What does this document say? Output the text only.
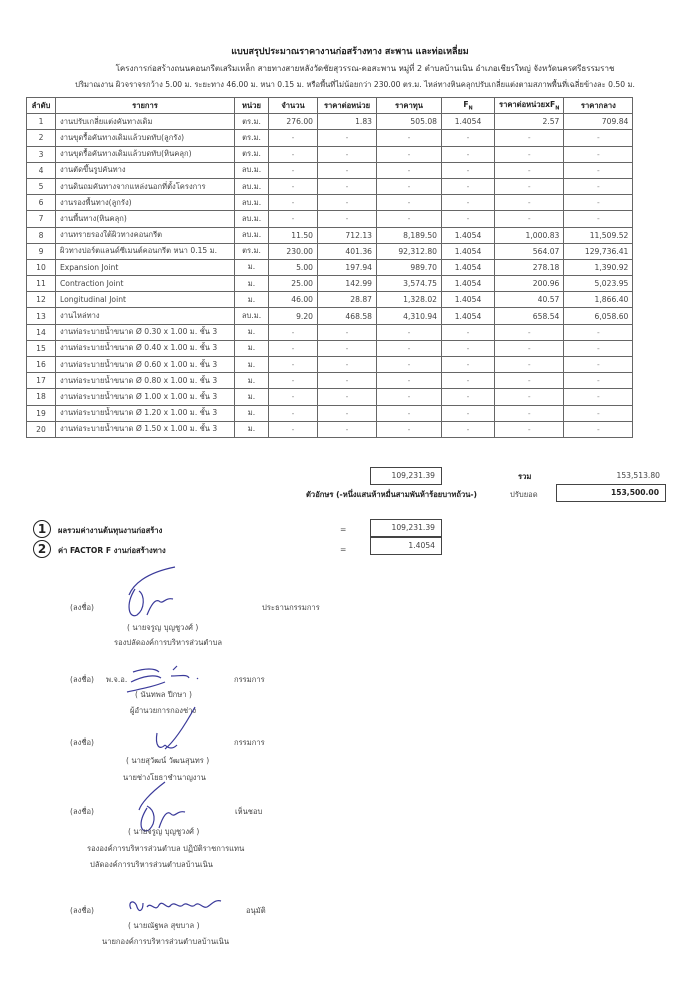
แบบสรุปประมาณราคางานก่อสร้างทาง สะพาน และท่อเหลี่ยม
โครงการก่อสร้างถนนคอนกรีตเสริมเหล็ก สายทางสายหลังวัดชัยสุวรรณ-คอสะพาน หมู่ที่ 2 ตำบลบ้านเนิน อำเภอเชียรใหญ่ จังหวัดนครศรีธรรมราช
ปริมาณงาน ผิวจราจรกว้าง 5.00 ม. ระยะทาง 46.00 ม. หนา 0.15 ม. หรือพื้นที่ไม่น้อยกว่า 230.00 ตร.ม. ไหล่ทางหินคลุกปรับเกลี่ยแต่งตามสภาพพื้นที่เฉลี่ยข้างละ 0.50 ม.
ลำดับ	รายการ	หน่วย	จำนวน	ราคาต่อหน่วย	ราคาทุน	$F_N$	ราคาต่อหน่วย$xF_N$	ราคากลาง
1	งานปรับเกลี่ยแต่งคันทางเดิม	ตร.ม.	276.00	1.83	505.08	1.4054	2.57	709.84
2	งานขุดรื้อคันทางเดิมแล้วบดทับ(ลูกรัง)	ตร.ม.	-	-	-	-	-	-
3	งานขุดรื้อคันทางเดิมแล้วบดทับ(หินคลุก)	ตร.ม.	-	-	-	-	-	-
4	งานตัดขึ้นรูปคันทาง	ลบ.ม.	-	-	-	-	-	-
5	งานดินถมคันทางจากแหล่งนอกที่ตั้งโครงการ	ลบ.ม.	-	-	-	-	-	-
6	งานรองพื้นทาง(ลูกรัง)	ลบ.ม.	-	-	-	-	-	-
7	งานพื้นทาง(หินคลุก)	ลบ.ม.	-	-	-	-	-	-
8	งานทรายรองใต้ผิวทางคอนกรีต	ลบ.ม.	11.50	712.13	8,189.50	1.4054	1,000.83	11,509.52
9	ผิวทางปอร์ตแลนด์ซีเมนต์คอนกรีต หนา 0.15 ม.	ตร.ม.	230.00	401.36	92,312.80	1.4054	564.07	129,736.41
10	Expansion Joint	ม.	5.00	197.94	989.70	1.4054	278.18	1,390.92
11	Contraction Joint	ม.	25.00	142.99	3,574.75	1.4054	200.96	5,023.95
12	Longitudinal Joint	ม.	46.00	28.87	1,328.02	1.4054	40.57	1,866.40
13	งานไหล่ทาง	ลบ.ม.	9.20	468.58	4,310.94	1.4054	658.54	6,058.60
14	งานท่อระบายน้ำขนาด Ø 0.30 x 1.00 ม. ชั้น 3	ม.	-	-	-	-	-	-
15	งานท่อระบายน้ำขนาด Ø 0.40 x 1.00 ม. ชั้น 3	ม.	-	-	-	-	-	-
16	งานท่อระบายน้ำขนาด Ø 0.60 x 1.00 ม. ชั้น 3	ม.	-	-	-	-	-	-
17	งานท่อระบายน้ำขนาด Ø 0.80 x 1.00 ม. ชั้น 3	ม.	-	-	-	-	-	-
18	งานท่อระบายน้ำขนาด Ø 1.00 x 1.00 ม. ชั้น 3	ม.	-	-	-	-	-	-
19	งานท่อระบายน้ำขนาด Ø 1.20 x 1.00 ม. ชั้น 3	ม.	-	-	-	-	-	-
20	งานท่อระบายน้ำขนาด Ø 1.50 x 1.00 ม. ชั้น 3	ม.	-	-	-	-	-	-
109,231.39	รวม	153,513.80
ตัวอักษร (-หนึ่งแสนห้าหมื่นสามพันห้าร้อยบาทถ้วน-)	ปรับยอด	153,500.00
1	ผลรวมค่างานต้นทุนงานก่อสร้าง	=	109,231.39
2	ค่า FACTOR F งานก่อสร้างทาง	=	1.4054
(ลงชื่อ)	ประธานกรรมการ
( นายจรูญ บุญชูวงศ์ )
รองปลัดองค์การบริหารส่วนตำบล
(ลงชื่อ) พ.จ.อ.	กรรมการ
( นันทพล ปีกษา )
ผู้อำนวยการกองช่าง
(ลงชื่อ)	กรรมการ
( นายสุวัฒน์ วัฒนสุนทร )
นายช่างโยธาชำนาญงาน
(ลงชื่อ)	เห็นชอบ
( นายจรูญ บุญชูวงศ์ )
รององค์การบริหารส่วนตำบล ปฏิบัติราชการแทน
ปลัดองค์การบริหารส่วนตำบลบ้านเนิน
(ลงชื่อ)	อนุมัติ
( นายณัฐพล สุขบาล )
นายกองค์การบริหารส่วนตำบลบ้านเนิน
